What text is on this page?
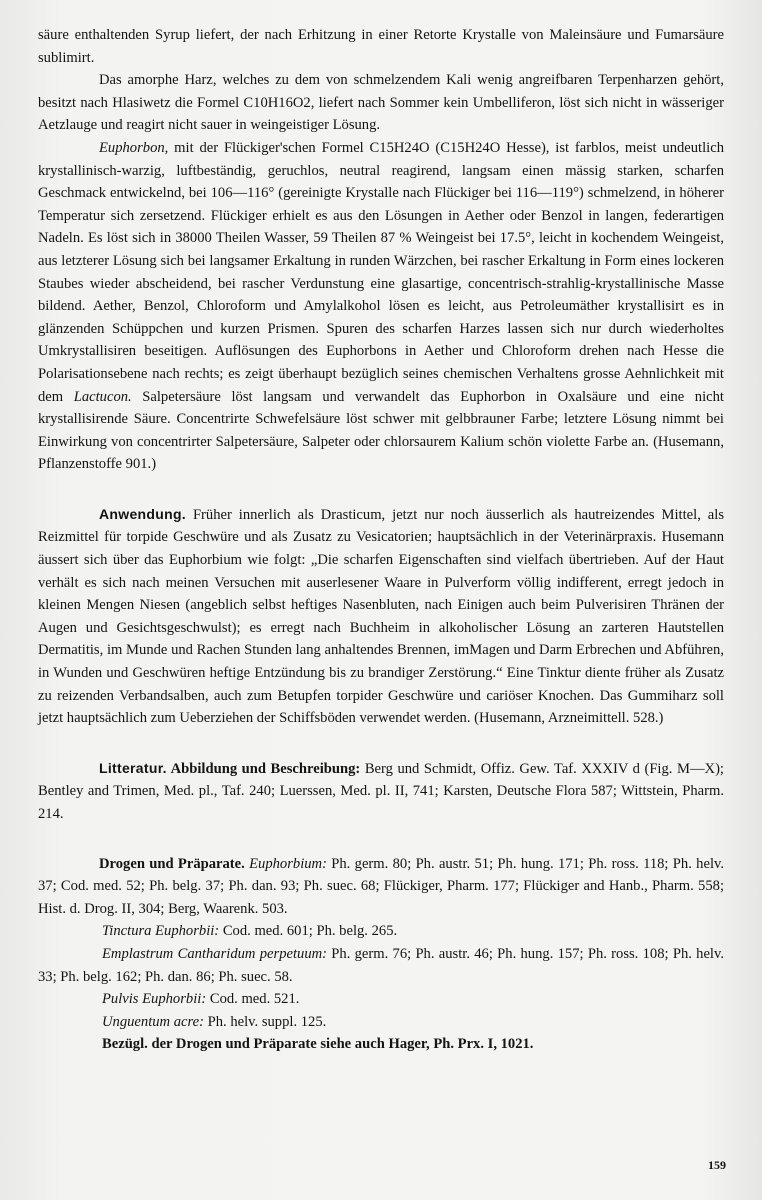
säure enthaltenden Syrup liefert, der nach Erhitzung in einer Retorte Krystalle von Maleinsäure und Fumarsäure sublimirt.

Das amorphe Harz, welches zu dem von schmelzendem Kali wenig angreifbaren Terpenharzen gehört, besitzt nach Hlasiwetz die Formel C10H16O2, liefert nach Sommer kein Umbelliferon, löst sich nicht in wässeriger Aetzlauge und reagirt nicht sauer in weingeistiger Lösung.

Euphorbon, mit der Flückiger'schen Formel C15H24O (C15H24O Hesse), ist farblos, meist undeutlich krystallinisch-warzig, luftbeständig, geruchlos, neutral reagirend, langsam einen mässig starken, scharfen Geschmack entwickelnd, bei 106—116° (gereinigte Krystalle nach Flückiger bei 116—119°) schmelzend, in höherer Temperatur sich zersetzend. Flückiger erhielt es aus den Lösungen in Aether oder Benzol in langen, federartigen Nadeln. Es löst sich in 38000 Theilen Wasser, 59 Theilen 87 % Weingeist bei 17.5°, leicht in kochendem Weingeist, aus letzterer Lösung sich bei langsamer Erkaltung in runden Wärzchen, bei rascher Erkaltung in Form eines lockeren Staubes wieder abscheidend, bei rascher Verdunstung eine glasartige, concentrisch-strahlig-krystallinische Masse bildend. Aether, Benzol, Chloroform und Amylalkohol lösen es leicht, aus Petroleumäther krystallisirt es in glänzenden Schüppchen und kurzen Prismen. Spuren des scharfen Harzes lassen sich nur durch wiederholtes Umkrystallisiren beseitigen. Auflösungen des Euphorbons in Aether und Chloroform drehen nach Hesse die Polarisationsebene nach rechts; es zeigt überhaupt bezüglich seines chemischen Verhaltens grosse Aehnlichkeit mit dem Lactucon. Salpetersäure löst langsam und verwandelt das Euphorbon in Oxalsäure und eine nicht krystallisirende Säure. Concentrirte Schwefelsäure löst schwer mit gelbbrauner Farbe; letztere Lösung nimmt bei Einwirkung von concentrirter Salpetersäure, Salpeter oder chlorsaurem Kalium schön violette Farbe an. (Husemann, Pflanzenstoffe 901.)

Anwendung. Früher innerlich als Drasticum, jetzt nur noch äusserlich als hautreizendes Mittel, als Reizmittel für torpide Geschwüre und als Zusatz zu Vesicatorien; hauptsächlich in der Veterinärpraxis. Husemann äussert sich über das Euphorbium wie folgt: „Die scharfen Eigenschaften sind vielfach übertrieben. Auf der Haut verhält es sich nach meinen Versuchen mit auserlesener Waare in Pulverform völlig indifferent, erregt jedoch in kleinen Mengen Niesen (angeblich selbst heftiges Nasenbluten, nach Einigen auch beim Pulverisiren Thränen der Augen und Gesichtsgeschwulst); es erregt nach Buchheim in alkoholischer Lösung an zarteren Hautstellen Dermatitis, im Munde und Rachen Stunden lang anhaltendes Brennen, imMagen und Darm Erbrechen und Abführen, in Wunden und Geschwüren heftige Entzündung bis zu brandiger Zerstörung.“ Eine Tinktur diente früher als Zusatz zu reizenden Verbandsalben, auch zum Betupfen torpider Geschwüre und cariöser Knochen. Das Gummiharz soll jetzt hauptsächlich zum Ueberziehen der Schiffsböden verwendet werden. (Husemann, Arzneimittell. 528.)

Litteratur. Abbildung und Beschreibung: Berg und Schmidt, Offiz. Gew. Taf. XXXIV d (Fig. M—X); Bentley and Trimen, Med. pl., Taf. 240; Luerssen, Med. pl. II, 741; Karsten, Deutsche Flora 587; Wittstein, Pharm. 214.

Drogen und Präparate. Euphorbium: Ph. germ. 80; Ph. austr. 51; Ph. hung. 171; Ph. ross. 118; Ph. helv. 37; Cod. med. 52; Ph. belg. 37; Ph. dan. 93; Ph. suec. 68; Flückiger, Pharm. 177; Flückiger and Hanb., Pharm. 558; Hist. d. Drog. II, 304; Berg, Waarenk. 503.

Tinctura Euphorbii: Cod. med. 601; Ph. belg. 265.

Emplastrum Cantharidum perpetuum: Ph. germ. 76; Ph. austr. 46; Ph. hung. 157; Ph. ross. 108; Ph. helv. 33; Ph. belg. 162; Ph. dan. 86; Ph. suec. 58.

Pulvis Euphorbii: Cod. med. 521.

Unguentum acre: Ph. helv. suppl. 125.

Bezügl. der Drogen und Präparate siehe auch Hager, Ph. Prx. I, 1021.

159
